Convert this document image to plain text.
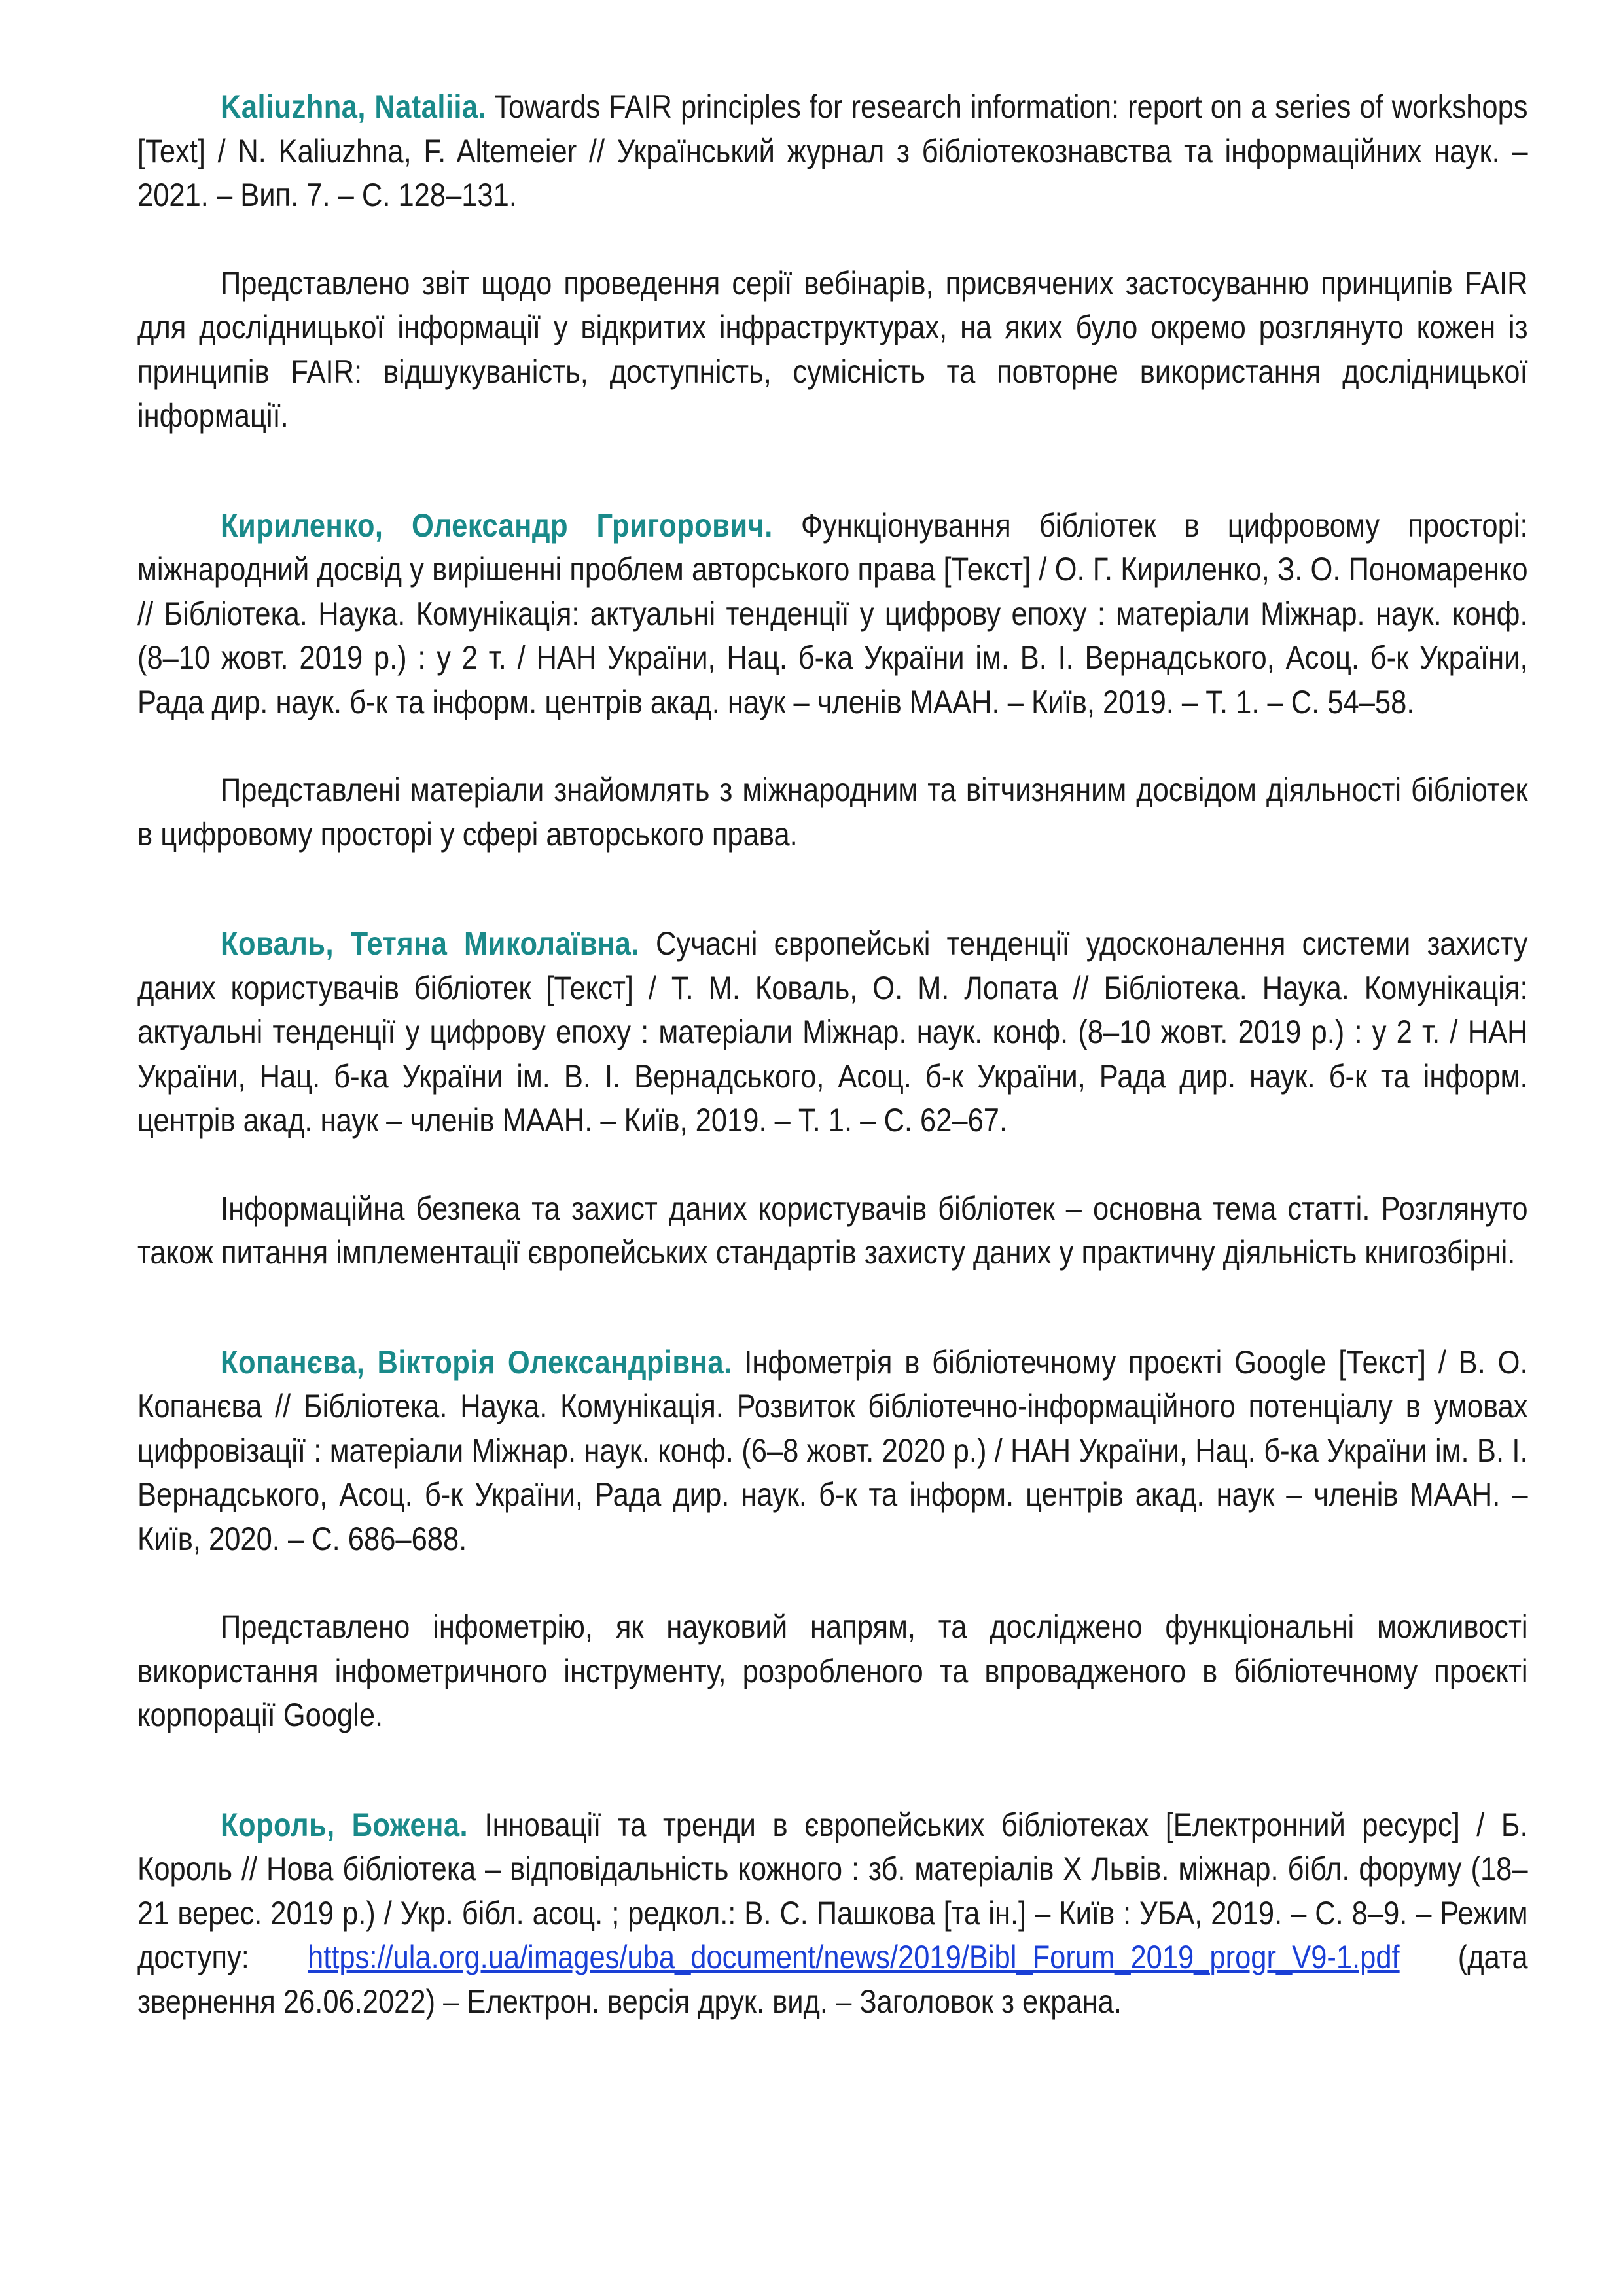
Kaliuzhna, Nataliia. Towards FAIR principles for research information: report on a series of workshops [Text] / N. Kaliuzhna, F. Altemeier // Український журнал з бібліотекознавства та інформаційних наук. – 2021. – Вип. 7. – С. 128–131.

Представлено звіт щодо проведення серії вебінарів, присвячених застосуванню принципів FAIR для дослідницької інформації у відкритих інфраструктурах, на яких було окремо розглянуто кожен із принципів FAIR: відшукуваність, доступність, сумісність та повторне використання дослідницької інформації.

Кириленко, Олександр Григорович. Функціонування бібліотек в цифровому просторі: міжнародний досвід у вирішенні проблем авторського права [Текст] / О. Г. Кириленко, З. О. Пономаренко // Бібліотека. Наука. Комунікація: актуальні тенденції у цифрову епоху : матеріали Міжнар. наук. конф. (8–10 жовт. 2019 р.) : у 2 т. / НАН України, Нац. б-ка України ім. В. І. Вернадського, Асоц. б-к України, Рада дир. наук. б-к та інформ. центрів акад. наук – членів МААН. – Київ, 2019. – Т. 1. – С. 54–58.

Представлені матеріали знайомлять з міжнародним та вітчизняним досвідом діяльності бібліотек в цифровому просторі у сфері авторського права.

Коваль, Тетяна Миколаївна. Сучасні європейські тенденції удосконалення системи захисту даних користувачів бібліотек [Текст] / Т. М. Коваль, О. М. Лопата // Бібліотека. Наука. Комунікація: актуальні тенденції у цифрову епоху : матеріали Міжнар. наук. конф. (8–10 жовт. 2019 р.) : у 2 т. / НАН України, Нац. б-ка України ім. В. І. Вернадського, Асоц. б-к України, Рада дир. наук. б-к та інформ. центрів акад. наук – членів МААН. – Київ, 2019. – Т. 1. – С. 62–67.

Інформаційна безпека та захист даних користувачів бібліотек – основна тема статті. Розглянуто також питання імплементації європейських стандартів захисту даних у практичну діяльність книгозбірні.

Копанєва, Вікторія Олександрівна. Інфометрія в бібліотечному проєкті Google [Текст] / В. О. Копанєва // Бібліотека. Наука. Комунікація. Розвиток бібліотечно-інформаційного потенціалу в умовах цифровізації : матеріали Міжнар. наук. конф. (6–8 жовт. 2020 р.) / НАН України, Нац. б-ка України ім. В. І. Вернадського, Асоц. б-к України, Рада дир. наук. б-к та інформ. центрів акад. наук – членів МААН. – Київ, 2020. – С. 686–688.

Представлено інфометрію, як науковий напрям, та досліджено функціональні можливості використання інфометричного інструменту, розробленого та впровадженого в бібліотечному проєкті корпорації Google.

Король, Божена. Інновації та тренди в європейських бібліотеках [Електронний ресурс] / Б. Король // Нова бібліотека – відповідальність кожного : зб. матеріалів Х Львів. міжнар. бібл. форуму (18–21 верес. 2019 р.) / Укр. бібл. асоц. ; редкол.: В. С. Пашкова [та ін.] – Київ : УБА, 2019. – С. 8–9. – Режим доступу: https://ula.org.ua/images/uba_document/news/2019/Bibl_Forum_2019_progr_V9-1.pdf (дата звернення 26.06.2022) – Електрон. версія друк. вид. – Заголовок з екрана.
